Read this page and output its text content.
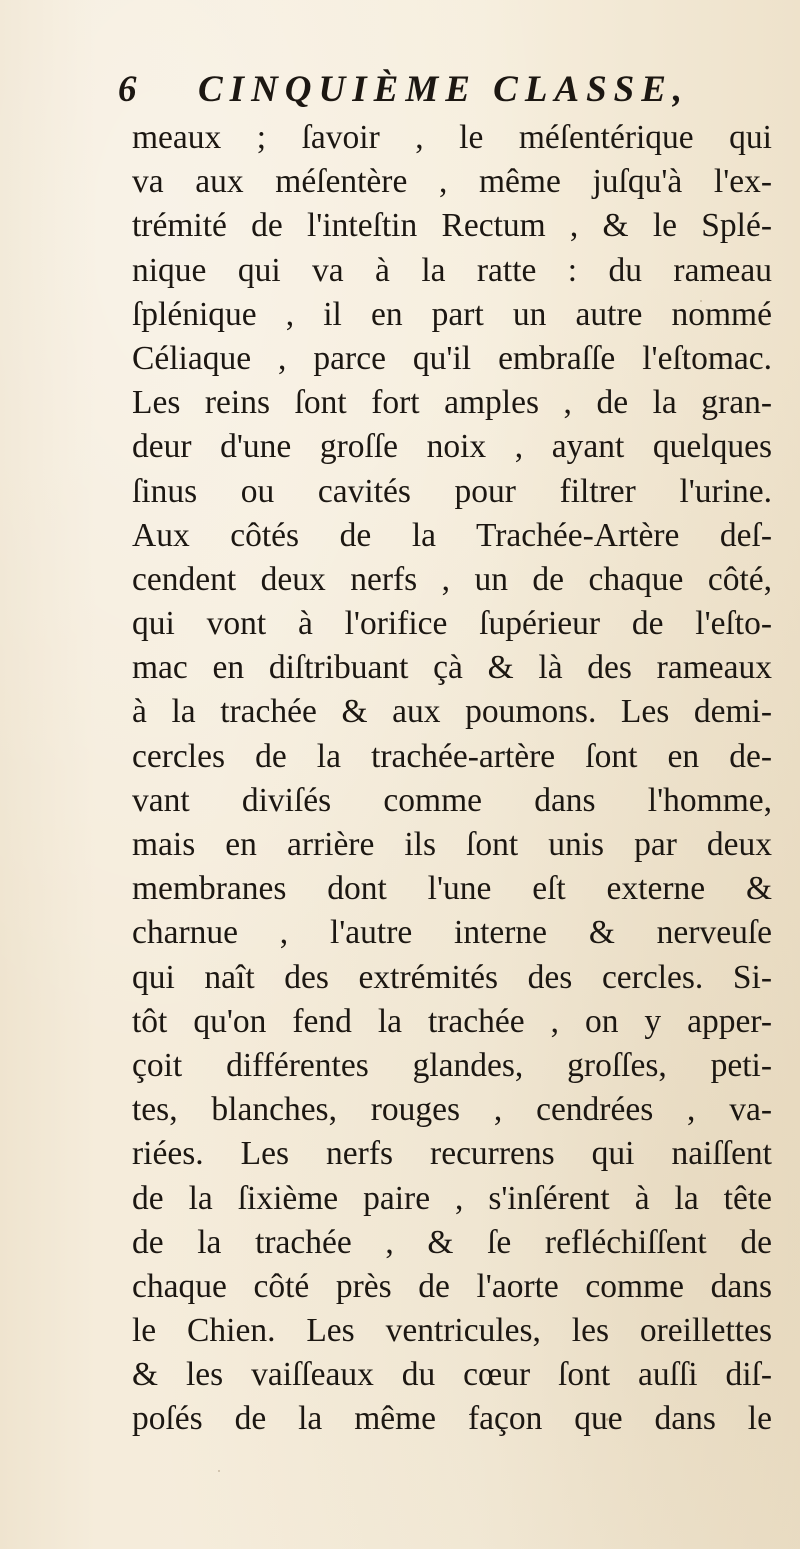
6 CINQUIÈME CLASSE,
meaux ; ſavoir , le méſentérique qui
va aux méſentère , même juſqu'à l'ex-
trémité de l'inteſtin Rectum , & le Splé-
nique qui va à la ratte : du rameau
ſplénique , il en part un autre nommé
Céliaque , parce qu'il embraſſe l'eſtomac.
Les reins ſont fort amples , de la gran-
deur d'une groſſe noix , ayant quelques
ſinus ou cavités pour filtrer l'urine.
Aux côtés de la Trachée-Artère deſ-
cendent deux nerfs , un de chaque côté,
qui vont à l'orifice ſupérieur de l'eſto-
mac en diſtribuant çà & là des rameaux
à la trachée & aux poumons. Les demi-
cercles de la trachée-artère ſont en de-
vant diviſés comme dans l'homme,
mais en arrière ils ſont unis par deux
membranes dont l'une eſt externe &
charnue , l'autre interne & nerveuſe
qui naît des extrémités des cercles. Si-
tôt qu'on fend la trachée , on y apper-
çoit différentes glandes, groſſes, peti-
tes, blanches, rouges , cendrées , va-
riées. Les nerfs recurrens qui naiſſent
de la ſixième paire , s'inſérent à la tête
de la trachée , & ſe refléchiſſent de
chaque côté près de l'aorte comme dans
le Chien. Les ventricules, les oreillettes
& les vaiſſeaux du cœur ſont auſſi diſ-
poſés de la même façon que dans le
